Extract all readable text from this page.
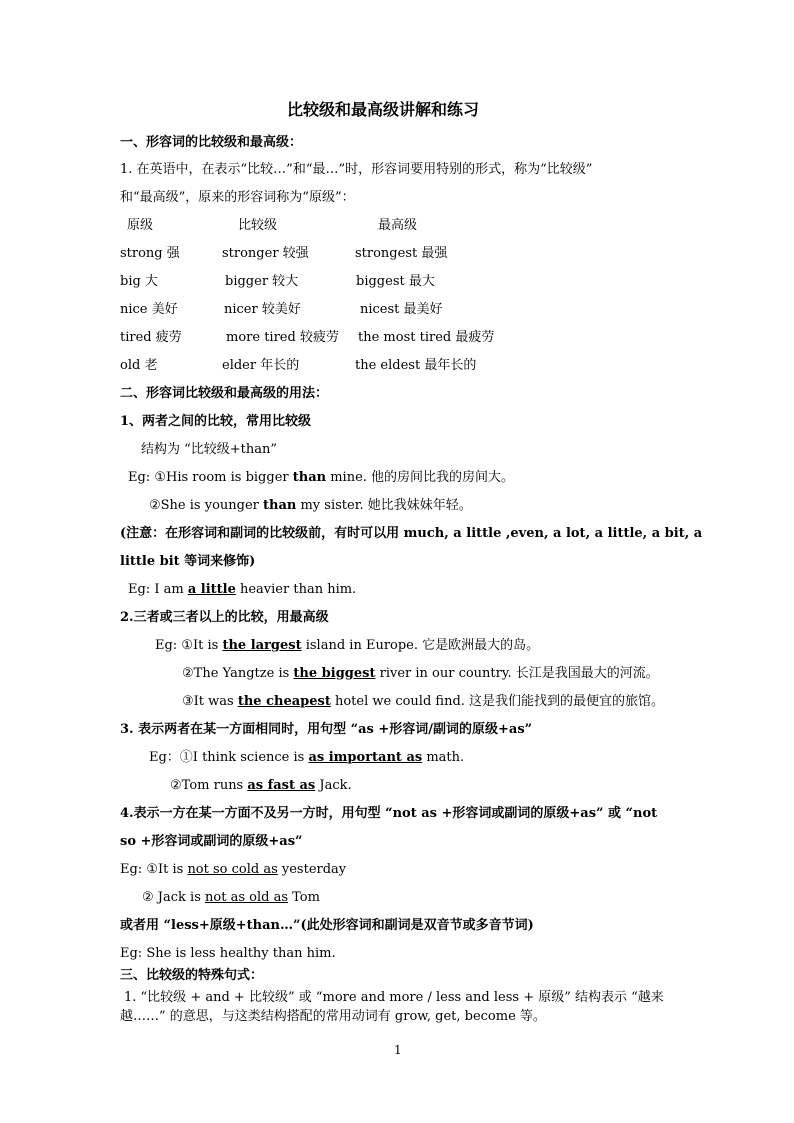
比较级和最高级讲解和练习
一、形容词的比较级和最高级：
1. 在英语中，在表示“比较…”和“最…”时，形容词要用特别的形式，称为“比较级”
和“最高级”，原来的形容词称为“原级”：
原级	比较级	最高级
strong 强	stronger 较强	strongest 最强
big 大	bigger 较大	biggest 最大
nice 美好	nicer 较美好	nicest 最美好
tired 疲劳	more tired 较疲劳 the most tired 最疲劳
old 老	elder 年长的	the eldest 最年长的
二、形容词比较级和最高级的用法：
1、两者之间的比较，常用比较级
结构为 “比较级+than”
Eg: ①His room is bigger than mine. 他的房间比我的房间大。
②She is younger than my sister. 她比我妹妹年轻。
(注意：在形容词和副词的比较级前，有时可以用 much, a little ,even, a lot, a little, a bit, a
little bit 等词来修饰)
Eg: I am a little heavier than him.
2.三者或三者以上的比较，用最高级
Eg: ①It is the largest island in Europe. 它是欧洲最大的岛。
②The Yangtze is the biggest river in our country. 长江是我国最大的河流。
③It was the cheapest hotel we could find. 这是我们能找到的最便宜的旅馆。
3. 表示两者在某一方面相同时，用句型 “as +形容词/副词的原级+as”
Eg：①I think science is as important as math.
②Tom runs as fast as Jack.
4.表示一方在某一方面不及另一方时，用句型 “not as +形容词或副词的原级+as” 或 “not
so +形容词或副词的原级+as”
Eg: ①It is not so cold as yesterday
② Jack is not as old as Tom
或者用 “less+原级+than…”(此处形容词和副词是双音节或多音节词)
Eg: She is less healthy than him.
三、比较级的特殊句式：
1. “比较级 + and + 比较级” 或 “more and more / less and less + 原级” 结构表示 “越来
越……” 的意思，与这类结构搭配的常用动词有 grow, get, become 等。
1
